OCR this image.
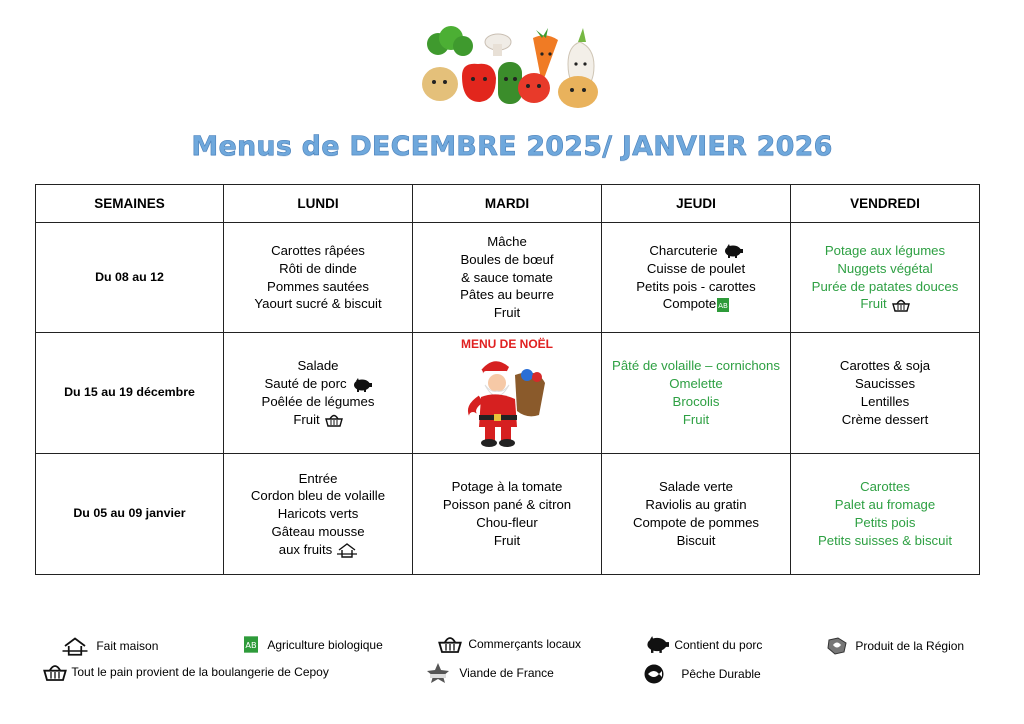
Menus de DECEMBRE 2025/ JANVIER 2026
SEMAINES	LUNDI	MARDI	JEUDI	VENDREDI
Du 08 au 12	Carottes râpées
Rôti de dinde
Pommes sautées
Yaourt sucré & biscuit	Mâche
Boules de bœuf
& sauce tomate
Pâtes au beurre
Fruit	Charcuterie
Cuisse de poulet
Petits pois - carottes
Compote AB	Potage aux légumes
Nuggets végétal
Purée de patates douces
Fruit

Du 15 au 19 décembre	Salade
Sauté de porc
Poêlée de légumes
Fruit	MENU DE NOËL	Pâté de volaille – cornichons
Omelette
Brocolis
Fruit	Carottes & soja
Saucisses
Lentilles
Crème dessert

Du 05 au 09 janvier	Entrée
Cordon bleu de volaille
Haricots verts
Gâteau mousse
aux fruits	Potage à la tomate
Poisson pané & citron
Chou-fleur
Fruit	Salade verte
Raviolis au gratin
Compote de pommes
Biscuit	Carottes
Palet au fromage
Petits pois
Petits suisses & biscuit
Fait maison	AB Agriculture biologique	Commerçants locaux	Contient du porc	Produit de la Région
Tout le pain provient de la boulangerie de Cepoy	Viande de France	Pêche Durable
